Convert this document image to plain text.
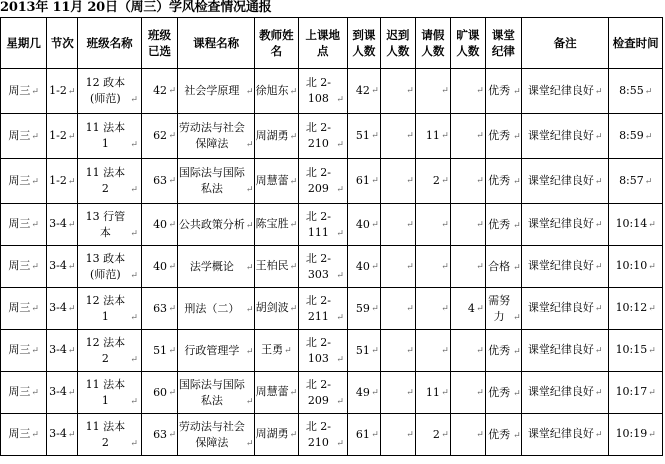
2013年 11月 20日（周三）学风检查情况通报
星期几	节次	班级名称	班级已选	课程名称	教师姓名	上课地点	到课人数	迟到人数	请假人数	旷课人数	课堂纪律	备注	检查时间
周三↵	1-2↵	12 政本(师范) ↵	42 ↵	社会学原理 ↵	徐旭东↵	北 2-108 ↵	42 ↵	↵	↵	↵	优秀 ↵	课堂纪律良好↵	8:55↵
周三↵	1-2↵	11 法本 1 ↵	62 ↵	劳动法与社会保障法 ↵	周湖勇↵	北 2-210 ↵	51 ↵	↵	11 ↵	↵	优秀 ↵	课堂纪律良好↵	8:59↵
周三↵	1-2↵	11 法本 2 ↵	63 ↵	国际法与国际私法 ↵	周慧蕾↵	北 2-209 ↵	61 ↵	↵	2 ↵	↵	优秀 ↵	课堂纪律良好↵	8:57↵
周三↵	3-4↵	13 行管本 ↵	40 ↵	公共政策分析↵	陈宝胜↵	北 2-111 ↵	40 ↵	↵	↵	↵	优秀 ↵	课堂纪律良好↵	10:14↵
周三↵	3-4↵	13 政本(师范) ↵	40 ↵	法学概论 ↵	王柏民↵	北 2-303 ↵	40 ↵	↵	↵	↵	合格 ↵	课堂纪律良好↵	10:10↵
周三↵	3-4↵	12 法本 1 ↵	63 ↵	刑法（二） ↵	胡剑波↵	北 2-211 ↵	59 ↵	↵	↵	4 ↵	需努力 ↵	课堂纪律良好↵	10:12↵
周三↵	3-4↵	12 法本 2 ↵	51 ↵	行政管理学 ↵	王勇↵	北 2-103 ↵	51 ↵	↵	↵	↵	优秀 ↵	课堂纪律良好↵	10:15↵
周三↵	3-4↵	11 法本 1 ↵	60 ↵	国际法与国际私法 ↵	周慧蕾↵	北 2-209 ↵	49 ↵	↵	11 ↵	↵	优秀 ↵	课堂纪律良好↵	10:17↵
周三↵	3-4↵	11 法本 2 ↵	63 ↵	劳动法与社会保障法 ↵	周湖勇↵	北 2-210 ↵	61 ↵	↵	2 ↵	↵	优秀 ↵	课堂纪律良好↵	10:19↵
